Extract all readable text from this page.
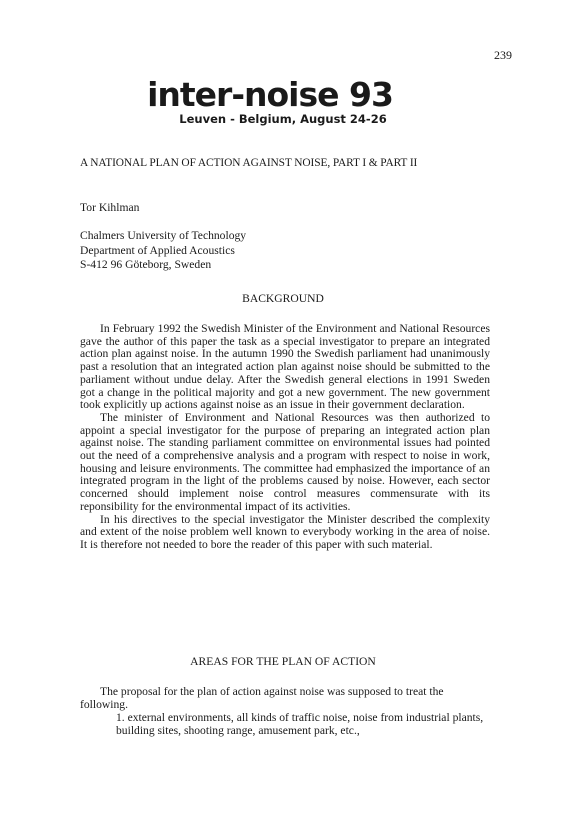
239
inter-noise 93
Leuven - Belgium, August 24-26
A NATIONAL PLAN OF ACTION AGAINST NOISE, PART I & PART II
Tor Kihlman
Chalmers University of Technology
Department of Applied Acoustics
S-412 96 Göteborg, Sweden
BACKGROUND

In February 1992 the Swedish Minister of the Environment and National Resources gave the author of this paper the task as a special investigator to prepare an integrated action plan against noise. In the autumn 1990 the Swedish parliament had unanimously past a resolution that an integrated action plan against noise should be submitted to the parliament without undue delay. After the Swedish general elections in 1991 Sweden got a change in the political majority and got a new government. The new government took explicitly up actions against noise as an issue in their government declaration.

The minister of Environment and National Resources was then authorized to appoint a special investigator for the purpose of preparing an integrated action plan against noise. The standing parliament committee on environmental issues had pointed out the need of a comprehensive analysis and a program with respect to noise in work, housing and leisure environments. The committee had emphasized the importance of an integrated program in the light of the problems caused by noise. However, each sector concerned should implement noise control measures commensurate with its reponsibility for the environmental impact of its activities.

In his directives to the special investigator the Minister described the complexity and extent of the noise problem well known to everybody working in the area of noise. It is therefore not needed to bore the reader of this paper with such material.

AREAS FOR THE PLAN OF ACTION

The proposal for the plan of action against noise was supposed to treat the following.

1. external environments, all kinds of traffic noise, noise from industrial plants, building sites, shooting range, amusement park, etc.,
